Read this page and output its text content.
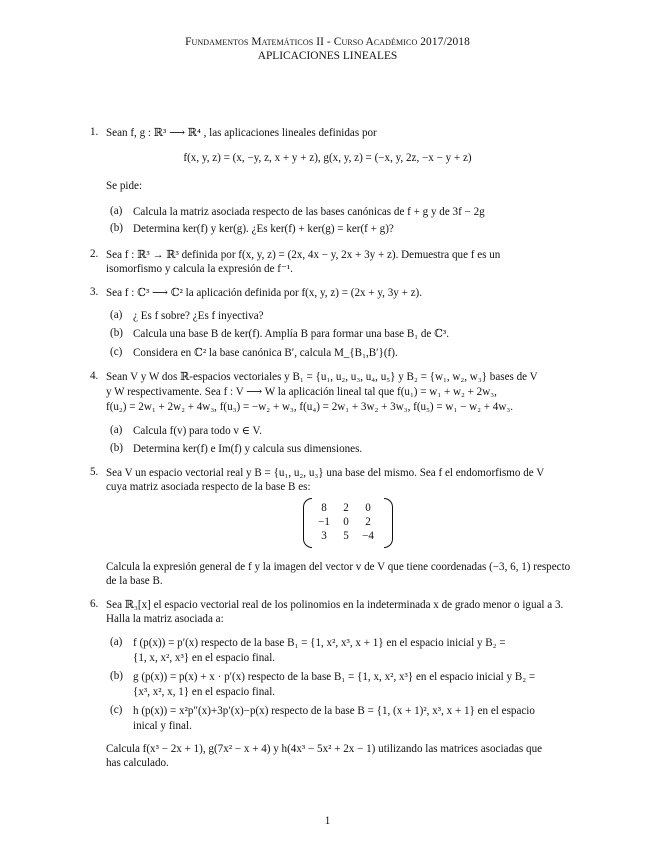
Fundamentos Matemáticos II - Curso Académico 2017/2018
APLICACIONES LINEALES
1. Sean f, g : ℝ³ ⟶ ℝ⁴ , las aplicaciones lineales definidas por
f(x, y, z) = (x, −y, z, x + y + z), g(x, y, z) = (−x, y, 2z, −x − y + z)
Se pide:
(a) Calcula la matriz asociada respecto de las bases canónicas de f + g y de 3f − 2g
(b) Determina ker(f) y ker(g). ¿Es ker(f) + ker(g) = ker(f + g)?
2. Sea f : ℝ³ → ℝ³ definida por f(x, y, z) = (2x, 4x − y, 2x + 3y + z). Demuestra que f es un
isomorfismo y calcula la expresión de f⁻¹.
3. Sea f : ℂ³ ⟶ ℂ² la aplicación definida por f(x, y, z) = (2x + y, 3y + z).
(a) ¿ Es f sobre? ¿Es f inyectiva?
(b) Calcula una base B de ker(f). Amplía B para formar una base B₁ de ℂ³.
(c) Considera en ℂ² la base canónica B′, calcula M_{B₁,B′}(f).
4. Sean V y W dos ℝ-espacios vectoriales y B₁ = {u₁, u₂, u₃, u₄, u₅} y B₂ = {w₁, w₂, w₃} bases de V
y W respectivamente. Sea f : V ⟶ W la aplicación lineal tal que f(u₁) = w₁ + w₂ + 2w₃,
f(u₂) = 2w₁ + 2w₂ + 4w₃, f(u₃) = −w₂ + w₃, f(u₄) = 2w₁ + 3w₂ + 3w₃, f(u₅) = w₁ − w₂ + 4w₃.
(a) Calcula f(v) para todo v ∈ V.
(b) Determina ker(f) e Im(f) y calcula sus dimensiones.
5. Sea V un espacio vectorial real y B = {u₁, u₂, u₃} una base del mismo. Sea f el endomorfismo de V
cuya matriz asociada respecto de la base B es:
8	2	0
−1	0	2
3	5	−4
Calcula la expresión general de f y la imagen del vector v de V que tiene coordenadas (−3, 6, 1) respecto
de la base B.
6. Sea ℝ₃[x] el espacio vectorial real de los polinomios en la indeterminada x de grado menor o igual a 3.
Halla la matriz asociada a:
(a) f (p(x)) = p′(x) respecto de la base B₁ = {1, x², x³, x + 1} en el espacio inicial y B₂ =
{1, x, x², x³} en el espacio final.
(b) g (p(x)) = p(x) + x · p′(x) respecto de la base B₁ = {1, x, x², x³} en el espacio inicial y B₂ =
{x³, x², x, 1} en el espacio final.
(c) h (p(x)) = x²p″(x)+3p′(x)−p(x) respecto de la base B = {1, (x + 1)², x³, x + 1} en el espacio
inical y final.
Calcula f(x³ − 2x + 1), g(7x² − x + 4) y h(4x³ − 5x² + 2x − 1) utilizando las matrices asociadas que
has calculado.
1
